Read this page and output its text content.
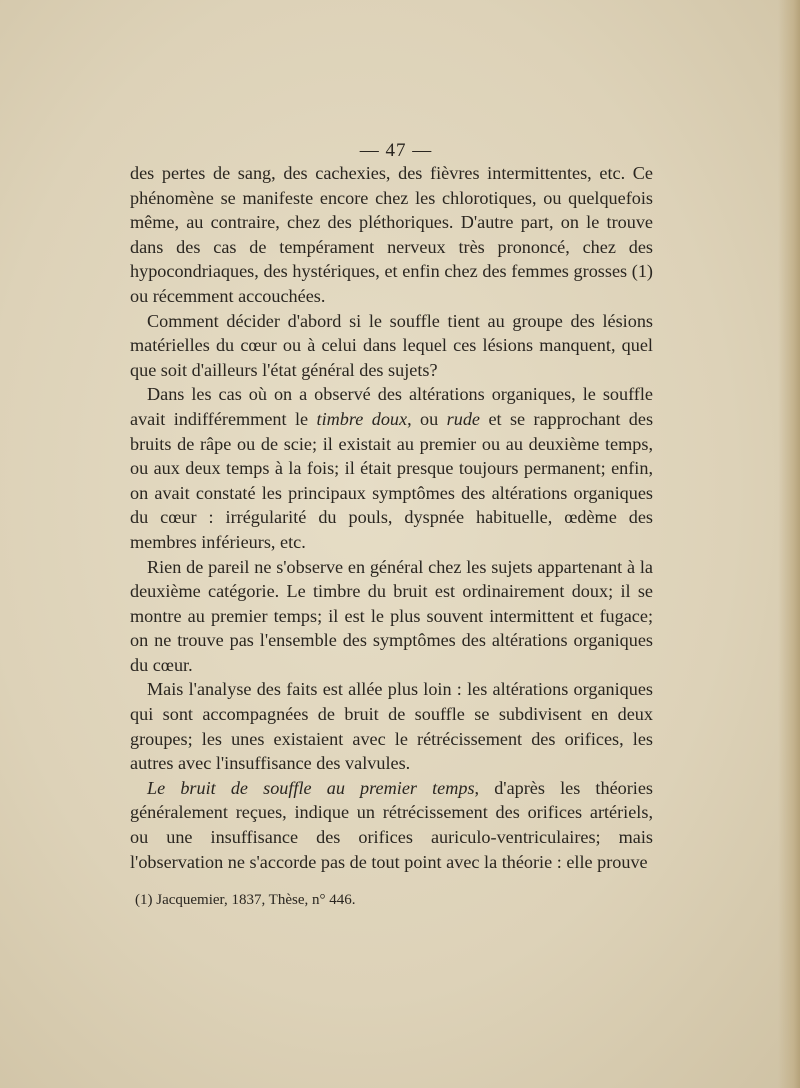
— 47 —

des pertes de sang, des cachexies, des fièvres intermittentes, etc. Ce phénomène se manifeste encore chez les chlorotiques, ou quelquefois même, au contraire, chez des pléthoriques. D'autre part, on le trouve dans des cas de tempérament nerveux très prononcé, chez des hypocondriaques, des hystériques, et enfin chez des femmes grosses (1) ou récemment accouchées.

Comment décider d'abord si le souffle tient au groupe des lésions matérielles du cœur ou à celui dans lequel ces lésions manquent, quel que soit d'ailleurs l'état général des sujets?

Dans les cas où on a observé des altérations organiques, le souffle avait indifféremment le timbre doux, ou rude et se rapprochant des bruits de râpe ou de scie; il existait au premier ou au deuxième temps, ou aux deux temps à la fois; il était presque toujours permanent; enfin, on avait constaté les principaux symptômes des altérations organiques du cœur : irrégularité du pouls, dyspnée habituelle, œdème des membres inférieurs, etc.

Rien de pareil ne s'observe en général chez les sujets appartenant à la deuxième catégorie. Le timbre du bruit est ordinairement doux; il se montre au premier temps; il est le plus souvent intermittent et fugace; on ne trouve pas l'ensemble des symptômes des altérations organiques du cœur.

Mais l'analyse des faits est allée plus loin : les altérations organiques qui sont accompagnées de bruit de souffle se subdivisent en deux groupes; les unes existaient avec le rétrécissement des orifices, les autres avec l'insuffisance des valvules.

Le bruit de souffle au premier temps, d'après les théories généralement reçues, indique un rétrécissement des orifices artériels, ou une insuffisance des orifices auriculo-ventriculaires; mais l'observation ne s'accorde pas de tout point avec la théorie : elle prouve

(1) Jacquemier, 1837, Thèse, n° 446.
